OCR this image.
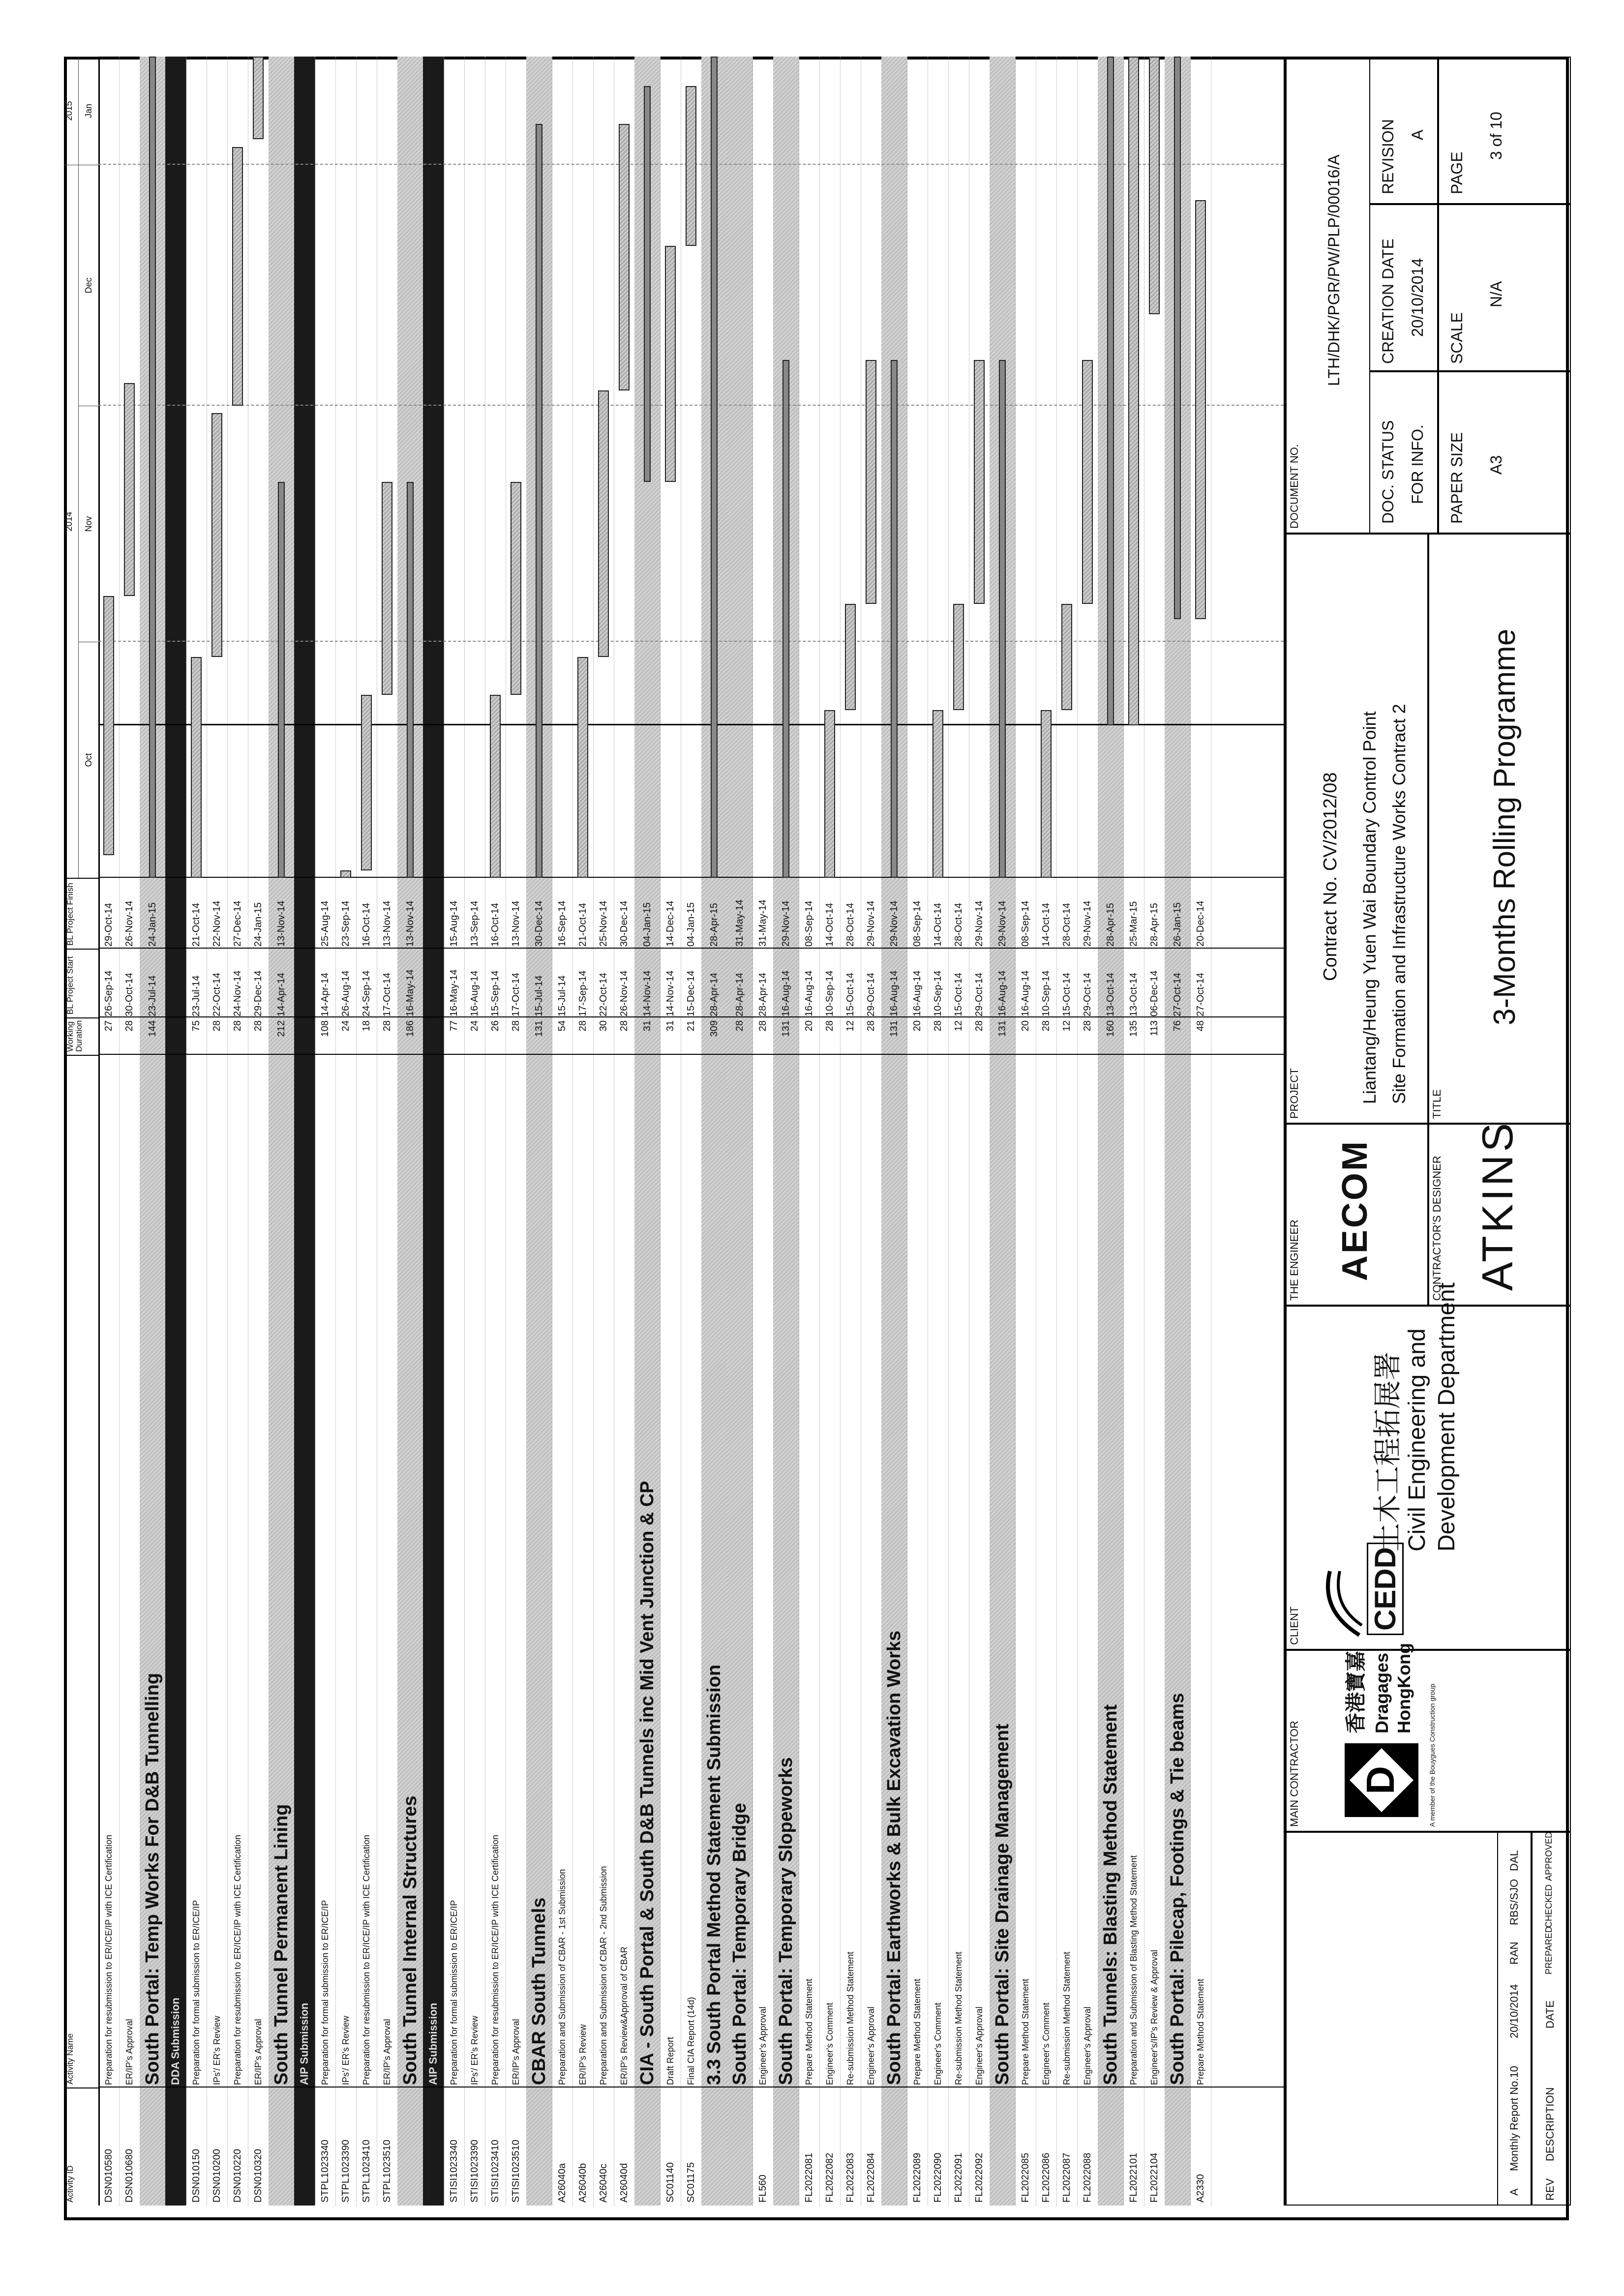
Activity ID
Activity Name
Working Duration
BL Project Start
BL Project Finish
DSN010580
Preparation for resubmission to ER/ICE/IP with ICE Certification
27
26-Sep-14
29-Oct-14
DSN010680
ER/IP's Approval
28
30-Oct-14
26-Nov-14
South Portal: Temp Works For D&B Tunnelling
144
23-Jul-14
24-Jan-15
DDA Submission
DSN010150
Preparation for formal submission to ER/ICE/IP
75
23-Jul-14
21-Oct-14
DSN010200
IPs'/ ER's Review
28
22-Oct-14
22-Nov-14
DSN010220
Preparation for resubmission to ER/ICE/IP with ICE Certification
28
24-Nov-14
27-Dec-14
DSN010320
ER/IP's Approval
28
29-Dec-14
24-Jan-15
South Tunnel Permanent Lining
212
14-Apr-14
13-Nov-14
AIP Submission
STPL1023340
Preparation for formal submission to ER/ICE/IP
108
14-Apr-14
25-Aug-14
STPL1023390
IPs'/ ER's Review
24
26-Aug-14
23-Sep-14
STPL1023410
Preparation for resubmission to ER/ICE/IP with ICE Certification
18
24-Sep-14
16-Oct-14
STPL1023510
ER/IP's Approval
28
17-Oct-14
13-Nov-14
South Tunnel Internal Structures
186
16-May-14
13-Nov-14
AIP Submission
STISI1023340
Preparation for formal submission to ER/ICE/IP
77
16-May-14
15-Aug-14
STISI1023390
IPs'/ ER's Review
24
16-Aug-14
13-Sep-14
STISI1023410
Preparation for resubmission to ER/ICE/IP with ICE Certification
26
15-Sep-14
16-Oct-14
STISI1023510
ER/IP's Approval
28
17-Oct-14
13-Nov-14
CBAR South Tunnels
131
15-Jul-14
30-Dec-14
A26040a
Preparation and Submission of CBAR - 1st Submission
54
15-Jul-14
16-Sep-14
A26040b
ER/IP's Review
28
17-Sep-14
21-Oct-14
A26040c
Preparation and Submission of CBAR - 2nd Submission
30
22-Oct-14
25-Nov-14
A26040d
ER/IP's Review&Approval of CBAR
28
26-Nov-14
30-Dec-14
CIA - South Portal & South D&B Tunnels inc Mid Vent Junction & CP
31
14-Nov-14
04-Jan-15
SC01140
Draft Report
31
14-Nov-14
14-Dec-14
SC01175
Final CIA Report (14d)
21
15-Dec-14
04-Jan-15
3.3 South Portal Method Statement Submission
309
28-Apr-14
28-Apr-15
South Portal: Temporary Bridge
28
28-Apr-14
31-May-14
FL560
Engineer's Approval
28
28-Apr-14
31-May-14
South Portal: Temporary Slopeworks
131
16-Aug-14
29-Nov-14
FL2022081
Prepare Method Statement
20
16-Aug-14
08-Sep-14
FL2022082
Engineer's Comment
28
10-Sep-14
14-Oct-14
FL2022083
Re-submission Method Statement
12
15-Oct-14
28-Oct-14
FL2022084
Engineer's Approval
28
29-Oct-14
29-Nov-14
South Portal: Earthworks & Bulk Excavation Works
131
16-Aug-14
29-Nov-14
FL2022089
Prepare Method Statement
20
16-Aug-14
08-Sep-14
FL2022090
Engineer's Comment
28
10-Sep-14
14-Oct-14
FL2022091
Re-submission Method Statement
12
15-Oct-14
28-Oct-14
FL2022092
Engineer's Approval
28
29-Oct-14
29-Nov-14
South Portal: Site Drainage Management
131
16-Aug-14
29-Nov-14
FL2022085
Prepare Method Statement
20
16-Aug-14
08-Sep-14
FL2022086
Engineer's Comment
28
10-Sep-14
14-Oct-14
FL2022087
Re-submission Method Statement
12
15-Oct-14
28-Oct-14
FL2022088
Engineer's Approval
28
29-Oct-14
29-Nov-14
South Tunnels: Blasting Method Statement
160
13-Oct-14
28-Apr-15
FL2022101
Preparation and Submission of Blasting Method Statement
135
13-Oct-14
25-Mar-15
FL2022104
Engineer's/IP's Review & Approval
113
06-Dec-14
28-Apr-15
South Portal: Pilecap, Footings & Tie beams
76
27-Oct-14
26-Jan-15
A2330
Prepare Method Statement
48
27-Oct-14
20-Dec-14
2014
2015
Oct
Nov
Dec
Jan
REV
DESCRIPTION
DATE
PREPARED
CHECKED
APPROVED
A
Monthly Report No.10
20/10/2014
RAN
RBS/SJO
DAL
MAIN CONTRACTOR D
香港寶嘉 Dragages HongKong A member of the Bouygues Construction group
CLIENT CEDD
土木工程拓展署 Civil Engineering and Development Department
THE ENGINEER AECOM	CONTRACTOR'S DESIGNER ATKINS
PROJECT
Contract No. CV/2012/08 Liantang/Heung Yuen Wai Boundary Control Point Site Formation and Infrastructure Works Contract 2
TITLE
3-Months Rolling Programme
DOCUMENT NO.
LTH/DHK/PGR/PW/PLP/00016/A
DOC. STATUS FOR INFO.
CREATION DATE 20/10/2014
REVISION A
PAPER SIZE A3
SCALE
N/A
PAGE
3 of 10
